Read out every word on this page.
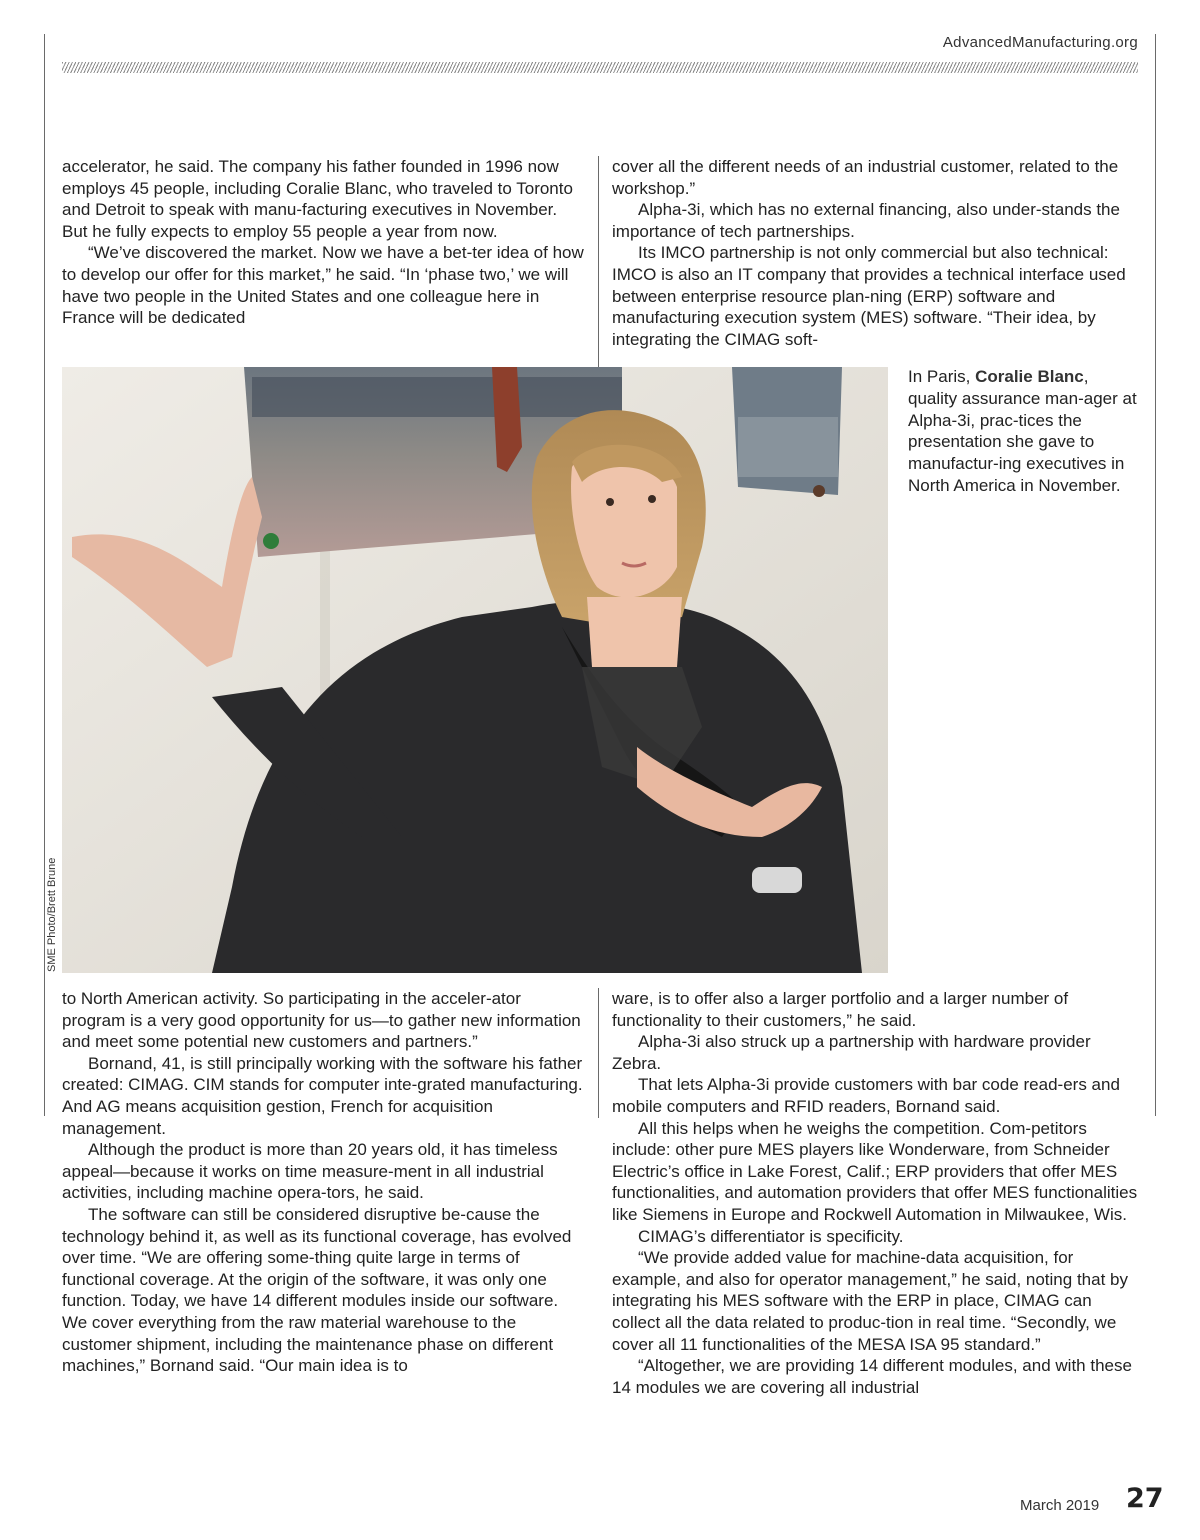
AdvancedManufacturing.org

accelerator, he said. The company his father founded in 1996 now employs 45 people, including Coralie Blanc, who traveled to Toronto and Detroit to speak with manu-facturing executives in November. But he fully expects to employ 55 people a year from now.

“We’ve discovered the market. Now we have a bet-ter idea of how to develop our offer for this market,” he said. “In ‘phase two,’ we will have two people in the United States and one colleague here in France will be dedicated

cover all the different needs of an industrial customer, related to the workshop.”

Alpha-3i, which has no external financing, also under-stands the importance of tech partnerships.

Its IMCO partnership is not only commercial but also technical: IMCO is also an IT company that provides a technical interface used between enterprise resource plan-ning (ERP) software and manufacturing execution system (MES) software. “Their idea, by integrating the CIMAG soft-

SME Photo/Brett Brune
In Paris, Coralie Blanc, quality assurance man-ager at Alpha-3i, prac-tices the presentation she gave to manufactur-ing executives in North America in November.

to North American activity. So participating in the acceler-ator program is a very good opportunity for us—to gather new information and meet some potential new customers and partners.”

Bornand, 41, is still principally working with the software his father created: CIMAG. CIM stands for computer inte-grated manufacturing. And AG means acquisition gestion, French for acquisition management.

Although the product is more than 20 years old, it has timeless appeal—because it works on time measure-ment in all industrial activities, including machine opera-tors, he said.

The software can still be considered disruptive be-cause the technology behind it, as well as its functional coverage, has evolved over time. “We are offering some-thing quite large in terms of functional coverage. At the origin of the software, it was only one function. Today, we have 14 different modules inside our software. We cover everything from the raw material warehouse to the customer shipment, including the maintenance phase on different machines,” Bornand said. “Our main idea is to

ware, is to offer also a larger portfolio and a larger number of functionality to their customers,” he said.

Alpha-3i also struck up a partnership with hardware provider Zebra.

That lets Alpha-3i provide customers with bar code read-ers and mobile computers and RFID readers, Bornand said.

All this helps when he weighs the competition. Com-petitors include: other pure MES players like Wonderware, from Schneider Electric’s office in Lake Forest, Calif.; ERP providers that offer MES functionalities, and automation providers that offer MES functionalities like Siemens in Europe and Rockwell Automation in Milwaukee, Wis.

CIMAG’s differentiator is specificity.

“We provide added value for machine-data acquisition, for example, and also for operator management,” he said, noting that by integrating his MES software with the ERP in place, CIMAG can collect all the data related to produc-tion in real time. “Secondly, we cover all 11 functionalities of the MESA ISA 95 standard.”

“Altogether, we are providing 14 different modules, and with these 14 modules we are covering all industrial

March 2019 27
